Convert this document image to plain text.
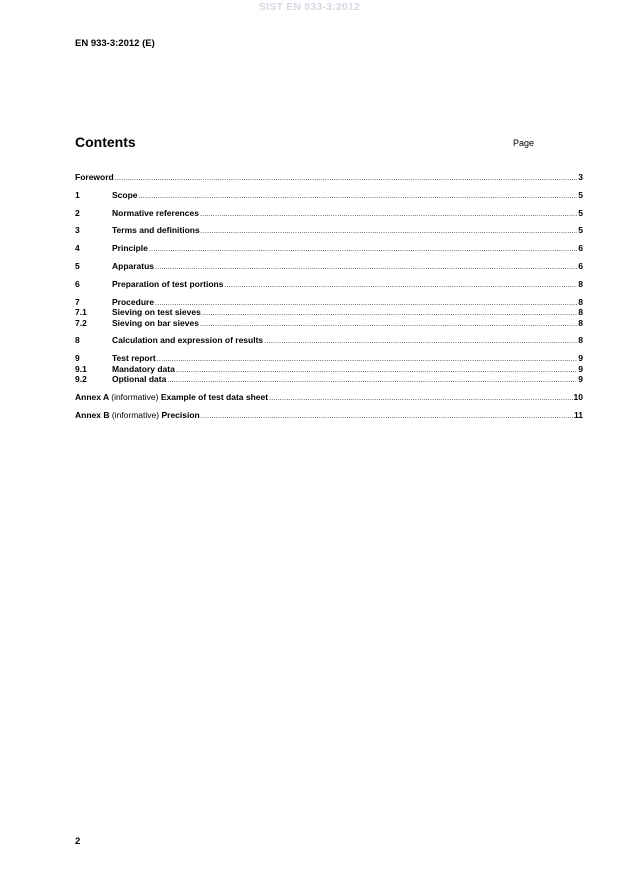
SIST EN 933-3:2012
EN 933-3:2012 (E)
Contents	Page
Foreword .....	3
1	Scope .....	5
2	Normative references .....	5
3	Terms and definitions .....	5
4	Principle .....	6
5	Apparatus .....	6
6	Preparation of test portions .....	8
7	Procedure .....	8
7.1	Sieving on test sieves .....	8
7.2	Sieving on bar sieves .....	8
8	Calculation and expression of results .....	8
9	Test report .....	9
9.1	Mandatory data .....	9
9.2	Optional data .....	9
Annex A (informative) Example of test data sheet .....	10
Annex B (informative) Precision .....	11
2
